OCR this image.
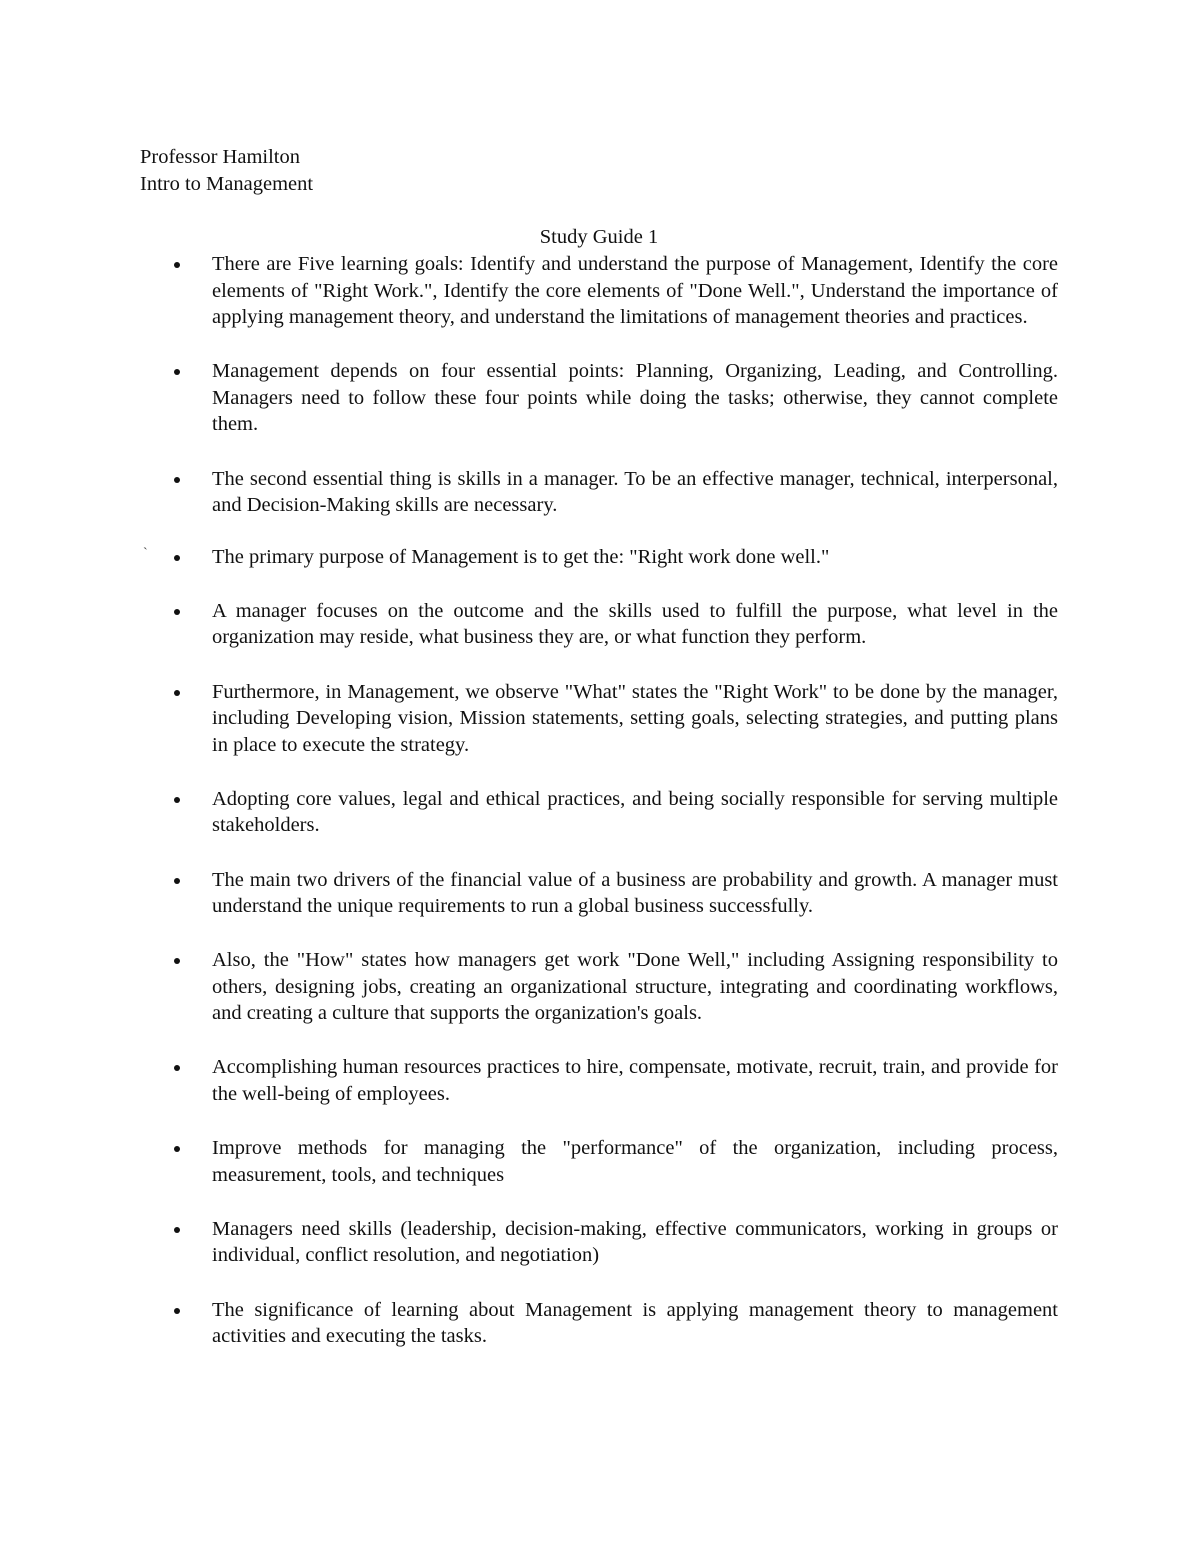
Professor Hamilton
Intro to Management
Study Guide 1
`
There are Five learning goals: Identify and understand the purpose of Management, Identify the core elements of "Right Work.", Identify the core elements of "Done Well.", Understand the importance of applying management theory, and understand the limitations of management theories and practices.
Management depends on four essential points: Planning, Organizing, Leading, and Controlling. Managers need to follow these four points while doing the tasks; otherwise, they cannot complete them.
The second essential thing is skills in a manager. To be an effective manager, technical, interpersonal, and Decision-Making skills are necessary.
The primary purpose of Management is to get the: "Right work done well."
A manager focuses on the outcome and the skills used to fulfill the purpose, what level in the organization may reside, what business they are, or what function they perform.
Furthermore, in Management, we observe "What" states the "Right Work" to be done by the manager, including Developing vision, Mission statements, setting goals, selecting strategies, and putting plans in place to execute the strategy.
Adopting core values, legal and ethical practices, and being socially responsible for serving multiple stakeholders.
The main two drivers of the financial value of a business are probability and growth. A manager must understand the unique requirements to run a global business successfully.
Also, the "How" states how managers get work "Done Well," including Assigning responsibility to others, designing jobs, creating an organizational structure, integrating and coordinating workflows, and creating a culture that supports the organization's goals.
Accomplishing human resources practices to hire, compensate, motivate, recruit, train, and provide for the well-being of employees.
Improve methods for managing the "performance" of the organization, including process, measurement, tools, and techniques
Managers need skills (leadership, decision-making, effective communicators, working in groups or individual, conflict resolution, and negotiation)
The significance of learning about Management is applying management theory to management activities and executing the tasks.
